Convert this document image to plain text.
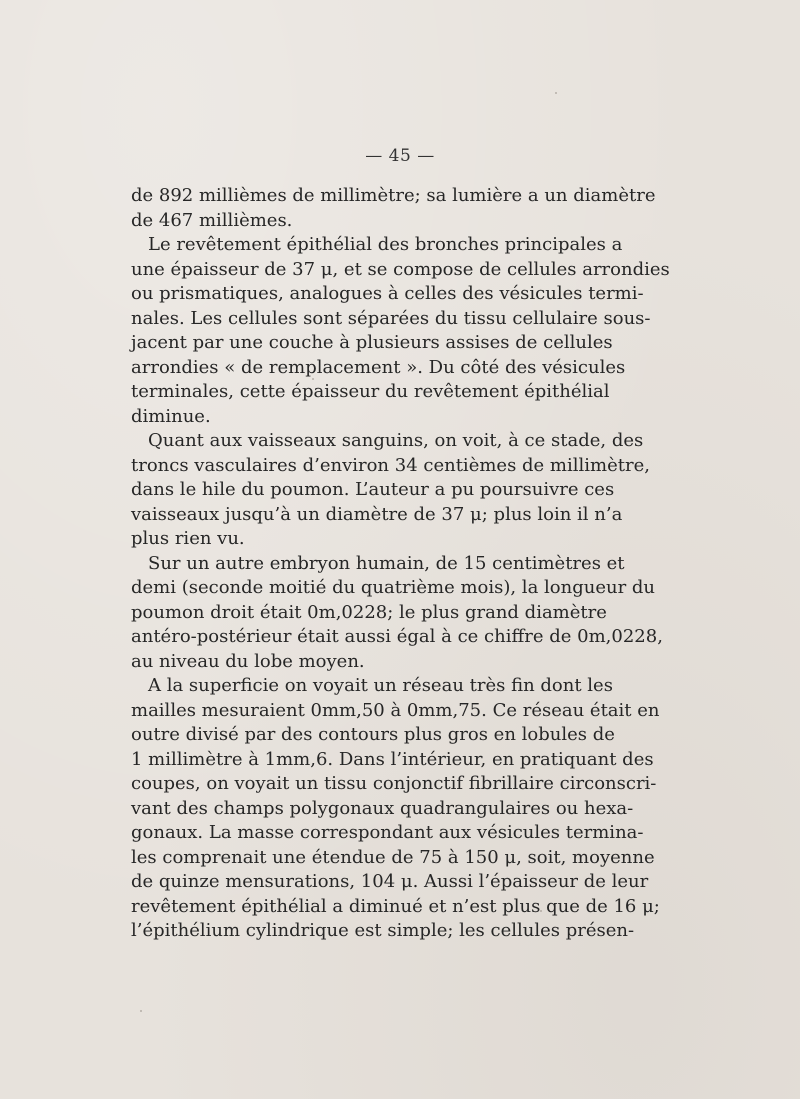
— 45 —
de 892 millièmes de millimètre; sa lumière a un diamètre
de 467 millièmes.
Le revêtement épithélial des bronches principales a
une épaisseur de 37 μ, et se compose de cellules arrondies
ou prismatiques, analogues à celles des vésicules termi-
nales. Les cellules sont séparées du tissu cellulaire sous-
jacent par une couche à plusieurs assises de cellules
arrondies « de remplacement ». Du côté des vésicules
terminales, cette épaisseur du revêtement épithélial
diminue.
Quant aux vaisseaux sanguins, on voit, à ce stade, des
troncs vasculaires d’environ 34 centièmes de millimètre,
dans le hile du poumon. L’auteur a pu poursuivre ces
vaisseaux jusqu’à un diamètre de 37 μ; plus loin il n’a
plus rien vu.
Sur un autre embryon humain, de 15 centimètres et
demi (seconde moitié du quatrième mois), la longueur du
poumon droit était 0m,0228; le plus grand diamètre
antéro-postérieur était aussi égal à ce chiffre de 0m,0228,
au niveau du lobe moyen.
A la superficie on voyait un réseau très fin dont les
mailles mesuraient 0mm,50 à 0mm,75. Ce réseau était en
outre divisé par des contours plus gros en lobules de
1 millimètre à 1mm,6. Dans l’intérieur, en pratiquant des
coupes, on voyait un tissu conjonctif fibrillaire circonscri-
vant des champs polygonaux quadrangulaires ou hexa-
gonaux. La masse correspondant aux vésicules termina-
les comprenait une étendue de 75 à 150 μ, soit, moyenne
de quinze mensurations, 104 μ. Aussi l’épaisseur de leur
revêtement épithélial a diminué et n’est plus que de 16 μ;
l’épithélium cylindrique est simple; les cellules présen-
